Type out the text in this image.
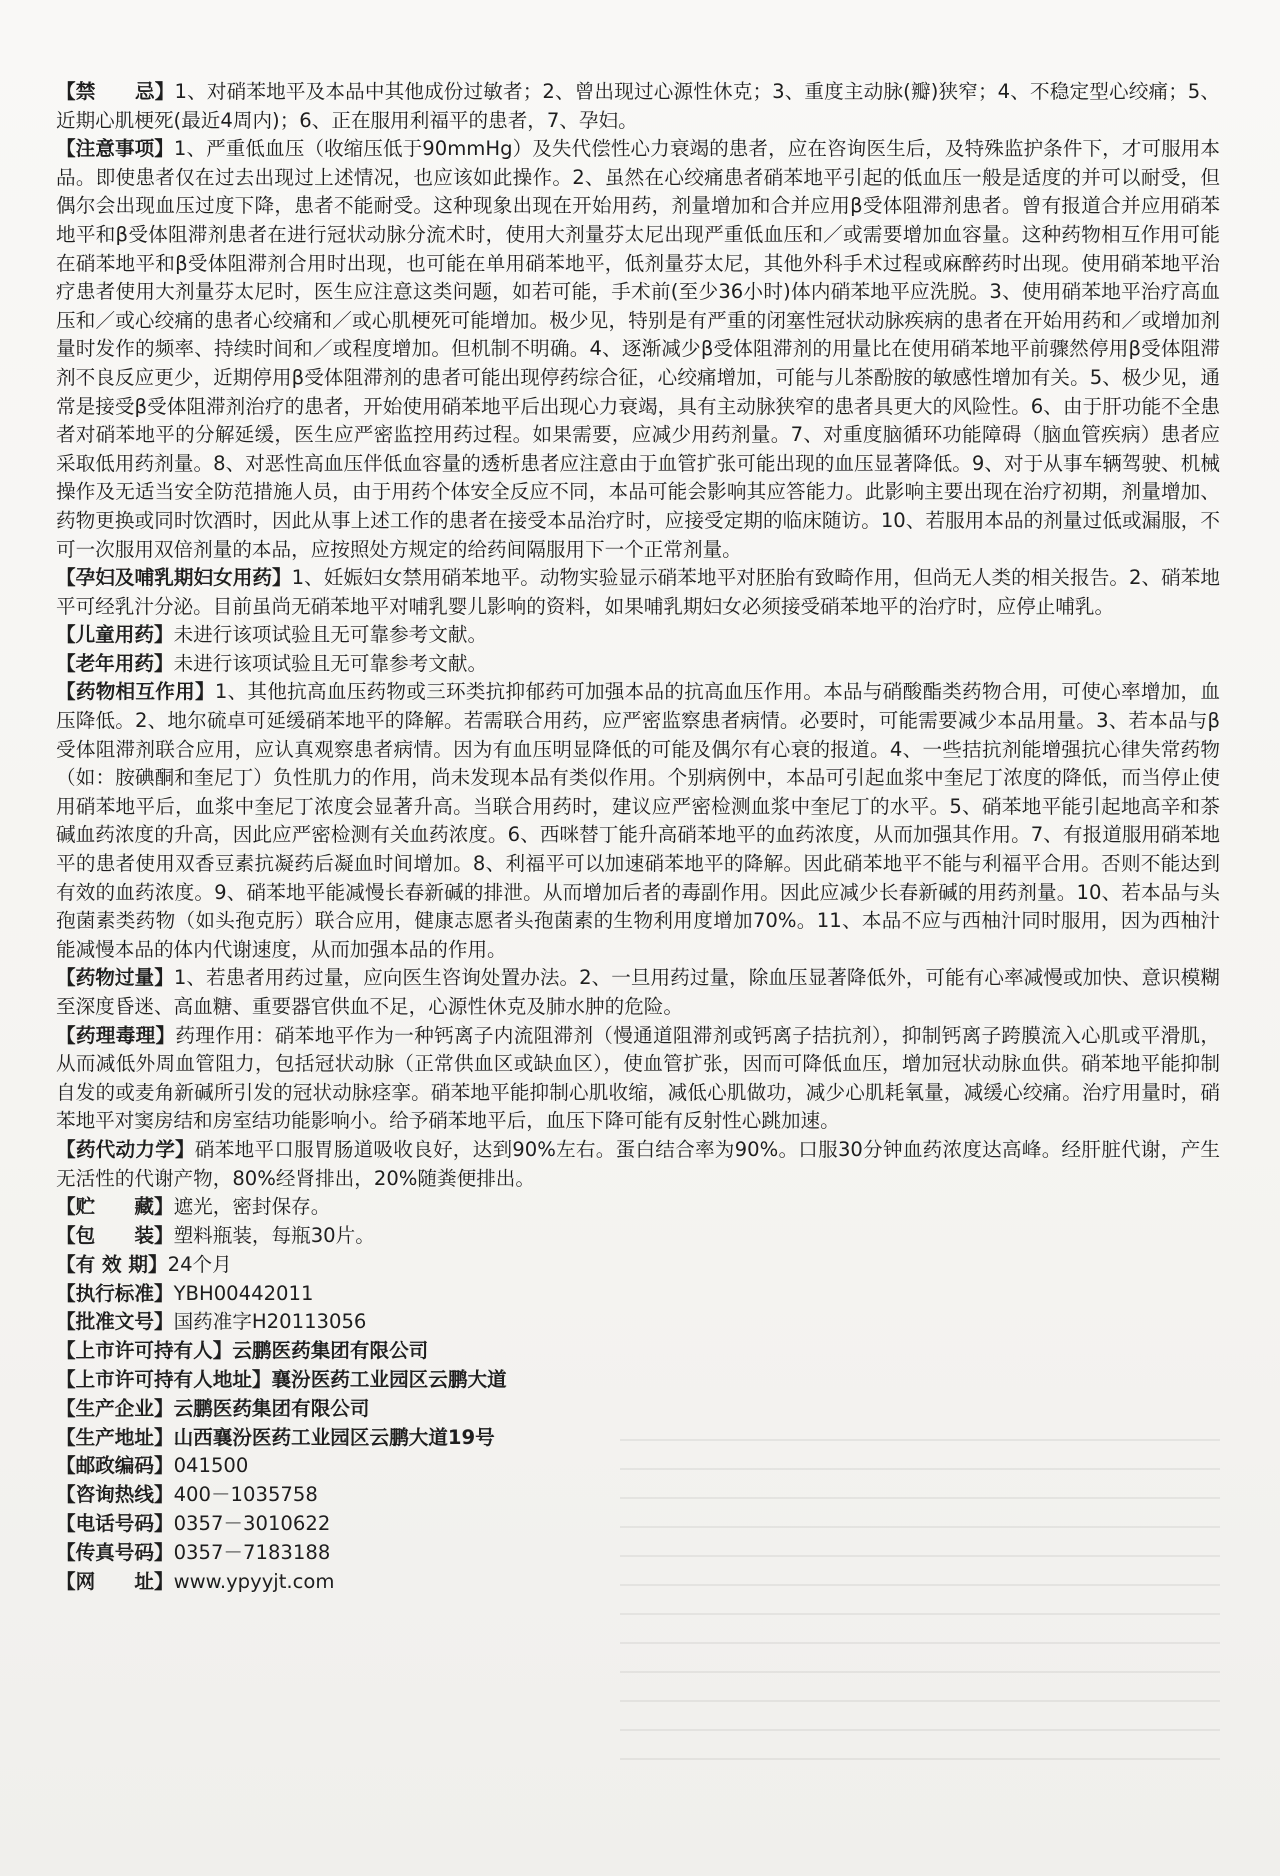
【禁　　忌】1、对硝苯地平及本品中其他成份过敏者；2、曾出现过心源性休克；3、重度主动脉(瓣)狭窄；4、不稳定型心绞痛；5、近期心肌梗死(最近4周内)；6、正在服用利福平的患者，7、孕妇。

【注意事项】1、严重低血压（收缩压低于90mmHg）及失代偿性心力衰竭的患者，应在咨询医生后，及特殊监护条件下，才可服用本品。即使患者仅在过去出现过上述情况，也应该如此操作。2、虽然在心绞痛患者硝苯地平引起的低血压一般是适度的并可以耐受，但偶尔会出现血压过度下降，患者不能耐受。这种现象出现在开始用药，剂量增加和合并应用β受体阻滞剂患者。曾有报道合并应用硝苯地平和β受体阻滞剂患者在进行冠状动脉分流术时，使用大剂量芬太尼出现严重低血压和／或需要增加血容量。这种药物相互作用可能在硝苯地平和β受体阻滞剂合用时出现，也可能在单用硝苯地平，低剂量芬太尼，其他外科手术过程或麻醉药时出现。使用硝苯地平治疗患者使用大剂量芬太尼时，医生应注意这类问题，如若可能，手术前(至少36小时)体内硝苯地平应洗脱。3、使用硝苯地平治疗高血压和／或心绞痛的患者心绞痛和／或心肌梗死可能增加。极少见，特别是有严重的闭塞性冠状动脉疾病的患者在开始用药和／或增加剂量时发作的频率、持续时间和／或程度增加。但机制不明确。4、逐渐减少β受体阻滞剂的用量比在使用硝苯地平前骤然停用β受体阻滞剂不良反应更少，近期停用β受体阻滞剂的患者可能出现停药综合征，心绞痛增加，可能与儿茶酚胺的敏感性增加有关。5、极少见，通常是接受β受体阻滞剂治疗的患者，开始使用硝苯地平后出现心力衰竭，具有主动脉狭窄的患者具更大的风险性。6、由于肝功能不全患者对硝苯地平的分解延缓，医生应严密监控用药过程。如果需要，应减少用药剂量。7、对重度脑循环功能障碍（脑血管疾病）患者应采取低用药剂量。8、对恶性高血压伴低血容量的透析患者应注意由于血管扩张可能出现的血压显著降低。9、对于从事车辆驾驶、机械操作及无适当安全防范措施人员，由于用药个体安全反应不同，本品可能会影响其应答能力。此影响主要出现在治疗初期，剂量增加、药物更换或同时饮酒时，因此从事上述工作的患者在接受本品治疗时，应接受定期的临床随访。10、若服用本品的剂量过低或漏服，不可一次服用双倍剂量的本品，应按照处方规定的给药间隔服用下一个正常剂量。

【孕妇及哺乳期妇女用药】1、妊娠妇女禁用硝苯地平。动物实验显示硝苯地平对胚胎有致畸作用，但尚无人类的相关报告。2、硝苯地平可经乳汁分泌。目前虽尚无硝苯地平对哺乳婴儿影响的资料，如果哺乳期妇女必须接受硝苯地平的治疗时，应停止哺乳。

【儿童用药】未进行该项试验且无可靠参考文献。

【老年用药】未进行该项试验且无可靠参考文献。

【药物相互作用】1、其他抗高血压药物或三环类抗抑郁药可加强本品的抗高血压作用。本品与硝酸酯类药物合用，可使心率增加，血压降低。2、地尔硫卓可延缓硝苯地平的降解。若需联合用药，应严密监察患者病情。必要时，可能需要减少本品用量。3、若本品与β受体阻滞剂联合应用，应认真观察患者病情。因为有血压明显降低的可能及偶尔有心衰的报道。4、一些拮抗剂能增强抗心律失常药物（如：胺碘酮和奎尼丁）负性肌力的作用，尚未发现本品有类似作用。个别病例中，本品可引起血浆中奎尼丁浓度的降低，而当停止使用硝苯地平后，血浆中奎尼丁浓度会显著升高。当联合用药时，建议应严密检测血浆中奎尼丁的水平。5、硝苯地平能引起地高辛和茶碱血药浓度的升高，因此应严密检测有关血药浓度。6、西咪替丁能升高硝苯地平的血药浓度，从而加强其作用。7、有报道服用硝苯地平的患者使用双香豆素抗凝药后凝血时间增加。8、利福平可以加速硝苯地平的降解。因此硝苯地平不能与利福平合用。否则不能达到有效的血药浓度。9、硝苯地平能减慢长春新碱的排泄。从而增加后者的毒副作用。因此应减少长春新碱的用药剂量。10、若本品与头孢菌素类药物（如头孢克肟）联合应用，健康志愿者头孢菌素的生物利用度增加70%。11、本品不应与西柚汁同时服用，因为西柚汁能减慢本品的体内代谢速度，从而加强本品的作用。

【药物过量】1、若患者用药过量，应向医生咨询处置办法。2、一旦用药过量，除血压显著降低外，可能有心率减慢或加快、意识模糊至深度昏迷、高血糖、重要器官供血不足，心源性休克及肺水肿的危险。

【药理毒理】药理作用：硝苯地平作为一种钙离子内流阻滞剂（慢通道阻滞剂或钙离子拮抗剂），抑制钙离子跨膜流入心肌或平滑肌，从而减低外周血管阻力，包括冠状动脉（正常供血区或缺血区），使血管扩张，因而可降低血压，增加冠状动脉血供。硝苯地平能抑制自发的或麦角新碱所引发的冠状动脉痉挛。硝苯地平能抑制心肌收缩，减低心肌做功，减少心肌耗氧量，减缓心绞痛。治疗用量时，硝苯地平对窦房结和房室结功能影响小。给予硝苯地平后，血压下降可能有反射性心跳加速。

【药代动力学】硝苯地平口服胃肠道吸收良好，达到90%左右。蛋白结合率为90%。口服30分钟血药浓度达高峰。经肝脏代谢，产生无活性的代谢产物，80%经肾排出，20%随粪便排出。

【贮　　藏】遮光，密封保存。

【包　　装】塑料瓶装，每瓶30片。

【有 效 期】24个月

【执行标准】YBH00442011

【批准文号】国药准字H20113056

【上市许可持有人】云鹏医药集团有限公司

【上市许可持有人地址】襄汾医药工业园区云鹏大道

【生产企业】云鹏医药集团有限公司

【生产地址】山西襄汾医药工业园区云鹏大道19号

【邮政编码】041500

【咨询热线】400－1035758

【电话号码】0357－3010622

【传真号码】0357－7183188

【网　　址】www.ypyyjt.com
